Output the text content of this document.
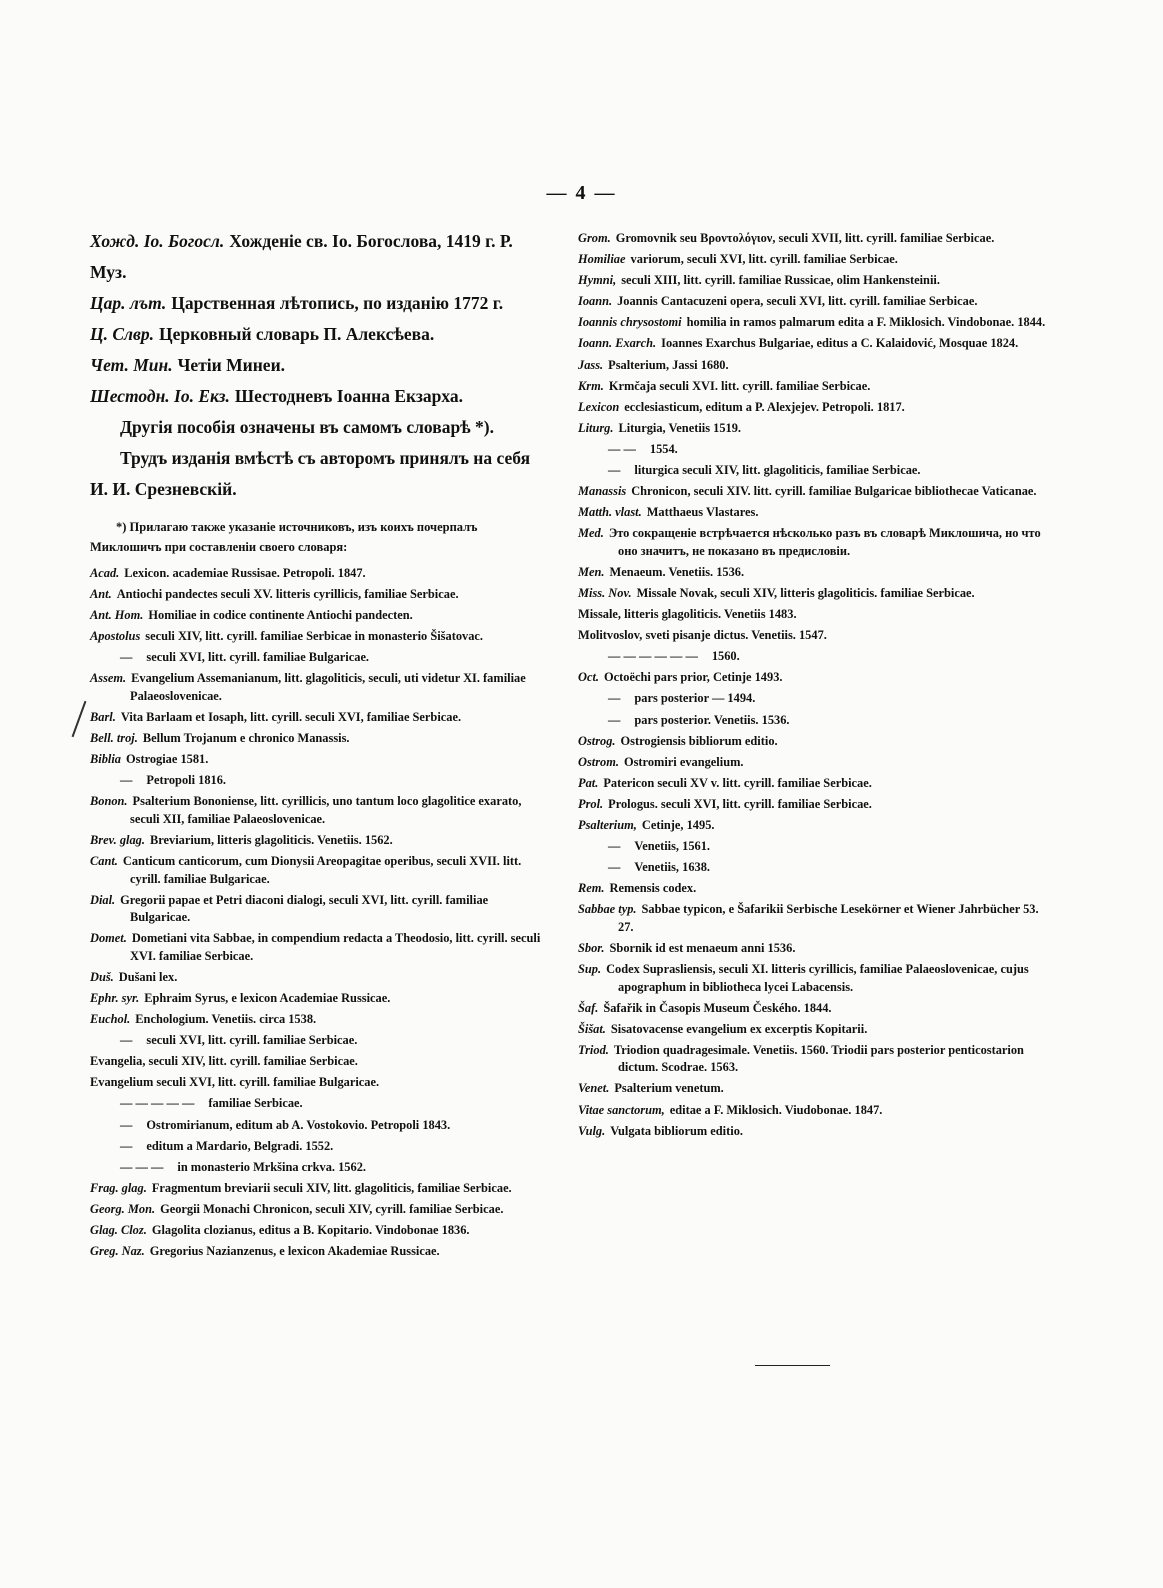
— 4 —

Хожд. Io. Богосл. Хожденіе св. Io. Богослова, 1419 г. Р. Муз.

Цар. лът. Царственная лѣтопись, по изданію 1772 г.

Ц. Слвр. Церковный словарь П. Алексѣева.

Чет. Мин. Четіи Минеи.

Шестодн. Io. Екз. Шестодневъ Іоанна Екзарха.

Другія пособія означены въ самомъ словарѣ *).

Трудъ изданія вмѣстѣ съ авторомъ принялъ на себя И. И. Срезневскій.

*) Прилагаю также указаніе источниковъ, изъ коихъ почерпалъ Миклошичъ при составленіи своего словаря:

Acad. Lexicon. academiae Russisae. Petropoli. 1847.

Ant. Antiochi pandectes seculi XV. litteris cyrillicis, familiae Serbicae.

Ant. Hom. Homiliae in codice continente Antiochi pandecten.

Apostolus seculi XIV, litt. cyrill. familiae Serbicae in monasterio Šišatovac.

— seculi XVI, litt. cyrill. familiae Bulgaricae.

Assem. Evangelium Assemanianum, litt. glagoliticis, seculi, uti videtur XI. familiae Palaeoslovenicae.

Barl. Vita Barlaam et Iosaph, litt. cyrill. seculi XVI, familiae Serbicae.

Bell. troj. Bellum Trojanum e chronico Manassis.

Biblia Ostrogiae 1581.

— Petropoli 1816.

Bonon. Psalterium Bononiense, litt. cyrillicis, uno tantum loco glagolitice exarato, seculi XII, familiae Palaeoslovenicae.

Brev. glag. Breviarium, litteris glagoliticis. Venetiis. 1562.

Cant. Canticum canticorum, cum Dionysii Areopagitae operibus, seculi XVII. litt. cyrill. familiae Bulgaricae.

Dial. Gregorii papae et Petri diaconi dialogi, seculi XVI, litt. cyrill. familiae Bulgaricae.

Domet. Dometiani vita Sabbae, in compendium redacta a Theodosio, litt. cyrill. seculi XVI. familiae Serbicae.

Duš. Dušani lex.

Ephr. syr. Ephraim Syrus, e lexicon Academiae Russicae.

Euchol. Enchologium. Venetiis. circa 1538.

— seculi XVI, litt. cyrill. familiae Serbicae.

Evangelia, seculi XIV, litt. cyrill. familiae Serbicae.

Evangelium seculi XVI, litt. cyrill. familiae Bulgaricae.

— — — — — familiae Serbicae.

— Ostromirianum, editum ab A. Vostokovio. Petropoli 1843.

— editum a Mardario, Belgradi. 1552.

— — — in monasterio Mrkšina crkva. 1562.

Frag. glag. Fragmentum breviarii seculi XIV, litt. glagoliticis, familiae Serbicae.

Georg. Mon. Georgii Monachi Chronicon, seculi XIV, cyrill. familiae Serbicae.

Glag. Cloz. Glagolita clozianus, editus a B. Kopitario. Vindobonae 1836.

Greg. Naz. Gregorius Nazianzenus, e lexicon Akademiae Russicae.

Grom. Gromovnik seu Βροντολόγιον, seculi XVII, litt. cyrill. familiae Serbicae.

Homiliae variorum, seculi XVI, litt. cyrill. familiae Serbicae.

Hymni, seculi XIII, litt. cyrill. familiae Russicae, olim Hankensteinii.

Ioann. Joannis Cantacuzeni opera, seculi XVI, litt. cyrill. familiae Serbicae.

Ioannis chrysostomi homilia in ramos palmarum edita a F. Miklosich. Vindobonae. 1844.

Ioann. Exarch. Ioannes Exarchus Bulgariae, editus a C. Kalaidović, Mosquae 1824.

Jass. Psalterium, Jassi 1680.

Krm. Krmčaja seculi XVI. litt. cyrill. familiae Serbicae.

Lexicon ecclesiasticum, editum a P. Alexjejev. Petropoli. 1817.

Liturg. Liturgia, Venetiis 1519.

— — 1554.

— liturgica seculi XIV, litt. glagoliticis, familiae Serbicae.

Manassis Chronicon, seculi XIV. litt. cyrill. familiae Bulgaricae bibliothecae Vaticanae.

Matth. vlast. Matthaeus Vlastares.

Med. Это сокращеніе встрѣчается нѣсколько разъ въ словарѣ Миклошича, но что оно значитъ, не показано въ предисловіи.

Men. Menaeum. Venetiis. 1536.

Miss. Nov. Missale Novak, seculi XIV, litteris glagoliticis. familiae Serbicae.

Missale, litteris glagoliticis. Venetiis 1483.

Molitvoslov, sveti pisanje dictus. Venetiis. 1547.

— — — — — — 1560.

Oct. Octoëchi pars prior, Cetinje 1493.

— pars posterior — 1494.

— pars posterior. Venetiis. 1536.

Ostrog. Ostrogiensis bibliorum editio.

Ostrom. Ostromiri evangelium.

Pat. Patericon seculi XV v. litt. cyrill. familiae Serbicae.

Prol. Prologus. seculi XVI, litt. cyrill. familiae Serbicae.

Psalterium, Cetinje, 1495.

— Venetiis, 1561.

— Venetiis, 1638.

Rem. Remensis codex.

Sabbae typ. Sabbae typicon, e Šafarikii Serbische Lesekörner et Wiener Jahrbücher 53. 27.

Sbor. Sbornik id est menaeum anni 1536.

Sup. Codex Suprasliensis, seculi XI. litteris cyrillicis, familiae Palaeoslovenicae, cujus apographum in bibliotheca lycei Labacensis.

Šaf. Šafařik in Časopis Museum Českého. 1844.

Šišat. Sisatovacense evangelium ex excerptis Kopitarii.

Triod. Triodion quadragesimale. Venetiis. 1560. Triodii pars posterior penticostarion dictum. Scodrae. 1563.

Venet. Psalterium venetum.

Vitae sanctorum, editae a F. Miklosich. Viudobonae. 1847.

Vulg. Vulgata bibliorum editio.
